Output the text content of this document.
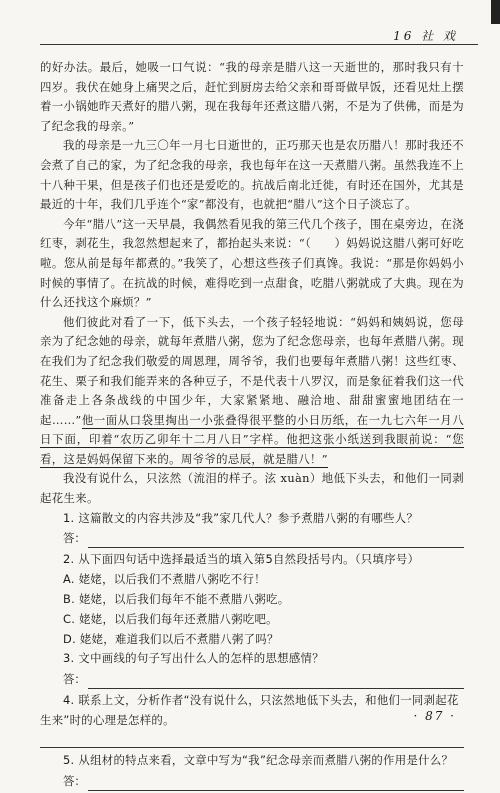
16 社 戏

的好办法。最后，她吸一口气说：“我的母亲是腊八这一天逝世的，那时我只有十四岁。我伏在她身上痛哭之后，赶忙到厨房去给父亲和哥哥做早饭，还看见灶上摆着一小锅她昨天煮好的腊八粥，现在我每年还煮这腊八粥，不是为了供佛，而是为了纪念我的母亲。”

我的母亲是一九三〇年一月七日逝世的，正巧那天也是农历腊八！那时我还不会煮了自己的家，为了纪念我的母亲，我也每年在这一天煮腊八粥。虽然我连不上十八种干果，但是孩子们也还是爱吃的。抗战后南北迁徙，有时还在国外，尤其是最近的十年，我们几乎连个“家”都没有，也就把“腊八”这个日子淡忘了。

今年“腊八”这一天早晨，我偶然看见我的第三代几个孩子，围在桌旁边，在浇红枣，剥花生，我忽然想起来了，都抬起头来说：“（　　）妈妈说这腊八粥可好吃啦。您从前是每年都煮的。”我笑了，心想这些孩子们真馋。我说：“那是你妈妈小时候的事情了。在抗战的时候，难得吃到一点甜食，吃腊八粥就成了大典。现在为什么还找这个麻烦？”

他们彼此对看了一下，低下头去，一个孩子轻轻地说：“妈妈和姨妈说，您母亲为了纪念她的母亲，就每年煮腊八粥，您为了纪念您母亲，也每年煮腊八粥。现在我们为了纪念我们敬爱的周恩理，周爷爷，我们也要每年煮腊八粥！这些红枣、花生、栗子和我们能弄来的各种豆子，不是代表十八罗汉，而是象征着我们这一代准备走上各条战线的中国少年，大家紧紧地、融洽地、甜甜蜜蜜地团结在一起……”他一面从口袋里掏出一小张叠得很平整的小日历纸，在一九七六年一月八日下面，印着“农历乙卯年十二月八日”字样。他把这张小纸送到我眼前说：“您看，这是妈妈保留下来的。周爷爷的忌辰，就是腊八！”

我没有说什么，只泫然（流泪的样子。泫 xuàn）地低下头去，和他们一同剥起花生来。

1. 这篇散文的内容共涉及“我”家几代人？参予煮腊八粥的有哪些人？

答：

2. 从下面四句话中选择最适当的填入第5自然段括号内。（只填序号）

A. 姥姥，以后我们不煮腊八粥吃不行！

B. 姥姥，以后我们每年不能不煮腊八粥吃。

C. 姥姥，以后我们每年还煮腊八粥吃吧。

D. 姥姥，难道我们以后不煮腊八粥了吗？

3. 文中画线的句子写出什么人的怎样的思想感情？

答：

4. 联系上文，分析作者“没有说什么，只泫然地低下头去，和他们一同剥起花生来”时的心理是怎样的。

5. 从组材的特点来看，文章中写为“我”纪念母亲而煮腊八粥的作用是什么？

答：
· 87 ·
